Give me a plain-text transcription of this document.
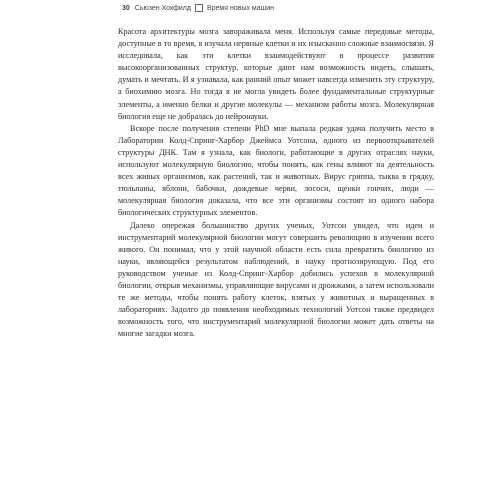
30 Сьюзен Хокфилд Время новых машин

Красота архитектуры мозга завораживала меня. Используя самые передовые методы, доступные в то время, я изучала нервные клетки и их изысканно сложные взаимосвязи. Я исследовала, как эти клетки взаимодействуют в процессе развития высокоорганизованных структур, которые дают нам возможность видеть, слышать, думать и мечтать. И я узнавала, как ранний опыт может навсегда изменить эту структуру, а биохимию мозга. Но тогда я не могла увидеть более фундаментальные структурные элементы, а именно белки и другие молекулы — механизм работы мозга. Молекулярная биология еще не добралась до нейронауки.

Вскоре после получения степени PhD мне выпала редкая удача получить место в Лаборатории Колд-Спринг-Харбор Джеймса Уотсона, одного из первооткрывателей структуры ДНК. Там я узнала, как биологи, работающие в других отраслях науки, используют молекулярную биологию, чтобы понять, как гены влияют на деятельность всех живых организмов, как растений, так и животных. Вирус гриппа, тыква в грядку, тюльпаны, яблони, бабочки, дождевые черви, лососи, щенки гончих, люди — молекулярная биология доказала, что все эти организмы состоят из одного набора биологических структурных элементов.

Далеко опережая большинство других ученых, Уотсон увидел, что идеи и инструментарий молекулярной биологии могут совершить революцию в изучении всего живого. Он понимал, что у этой научной области есть сила превратить биологию из науки, являющейся результатом наблюдений, в науку прогнозирующую. Под его руководством ученые из Колд-Спринг-Харбор добились успехов в молекулярной биологии, открыв механизмы, управляющие вирусами и дрожжами, а затем использовали те же методы, чтобы понять работу клеток, взятых у животных и выращенных в лабораториях. Задолго до появления необходимых технологий Уотсон также предвидел возможность того, что инструментарий молекулярной биологии может дать ответы на многие загадки мозга.
